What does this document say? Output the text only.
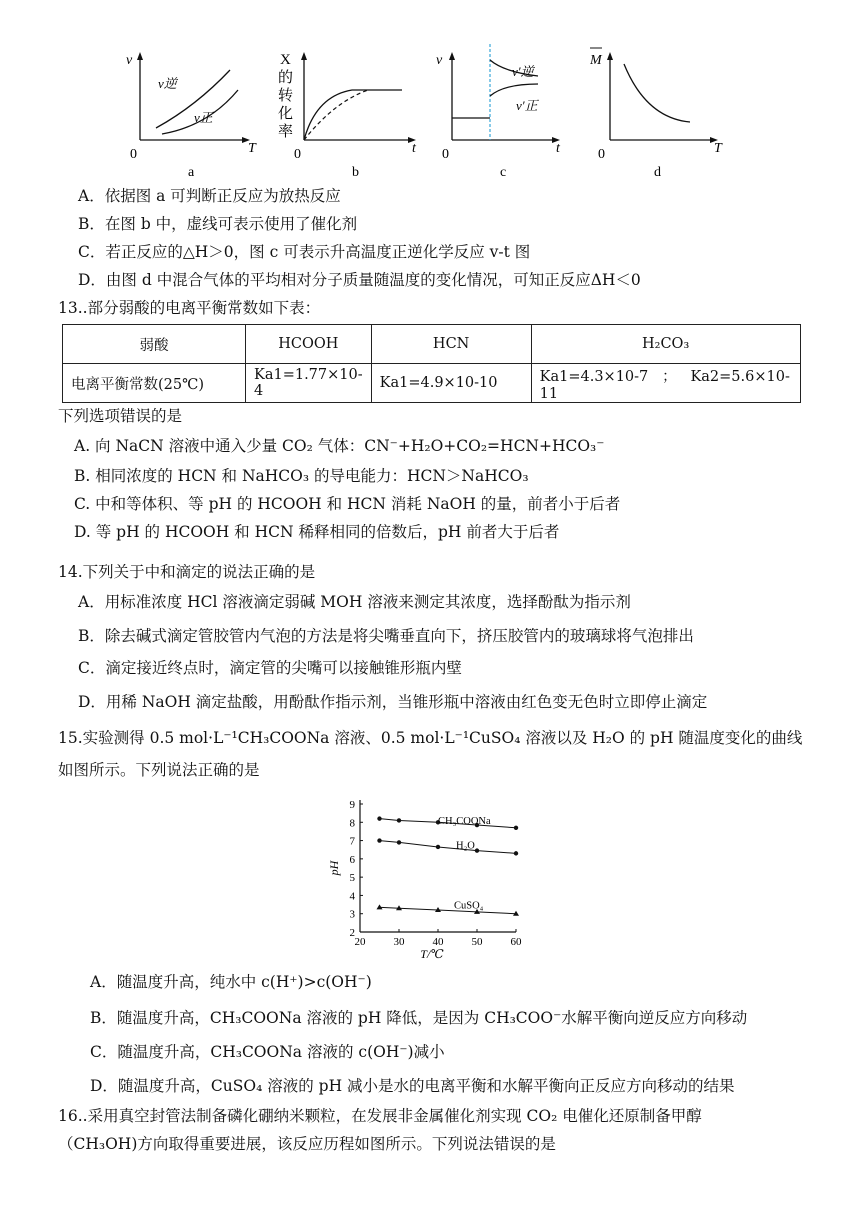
v
T
0
v逆
v正
a
X
的
转
化
率
t
0
b
v
t
0
v′逆
v′正
c
M
T
0
d
A．依据图 a 可判断正反应为放热反应
B．在图 b 中，虚线可表示使用了催化剂
C．若正反应的△H＞0，图 c 可表示升高温度正逆化学反应 v-t 图
D．由图 d 中混合气体的平均相对分子质量随温度的变化情况，可知正反应ΔH＜0
13..部分弱酸的电离平衡常数如下表：
弱酸	HCOOH	HCN	H₂CO₃
电离平衡常数(25℃)	Ka1=1.77×10-4	Ka1=4.9×10-10	Ka1=4.3×10-7 ； Ka2=5.6×10-11
下列选项错误的是
A. 向 NaCN 溶液中通入少量 CO₂ 气体：CN⁻+H₂O+CO₂=HCN+HCO₃⁻
B. 相同浓度的 HCN 和 NaHCO₃ 的导电能力：HCN＞NaHCO₃
C. 中和等体积、等 pH 的 HCOOH 和 HCN 消耗 NaOH 的量，前者小于后者
D. 等 pH 的 HCOOH 和 HCN 稀释相同的倍数后，pH 前者大于后者
14.下列关于中和滴定的说法正确的是
A．用标准浓度 HCl 溶液滴定弱碱 MOH 溶液来测定其浓度，选择酚酞为指示剂
B．除去碱式滴定管胶管内气泡的方法是将尖嘴垂直向下，挤压胶管内的玻璃球将气泡排出
C．滴定接近终点时，滴定管的尖嘴可以接触锥形瓶内壁
D．用稀 NaOH 滴定盐酸，用酚酞作指示剂，当锥形瓶中溶液由红色变无色时立即停止滴定
15.实验测得 0.5 mol·L⁻¹CH₃COONa 溶液、0.5 mol·L⁻¹CuSO₄ 溶液以及 H₂O 的 pH 随温度变化的曲线
如图所示。下列说法正确的是
20	30	40	50	60
2
3
4
5
6
7
8
9
T/℃
pH
CH₃COONa
H₂O
CuSO₄
A．随温度升高，纯水中 c(H⁺)>c(OH⁻)
B．随温度升高，CH₃COONa 溶液的 pH 降低，是因为 CH₃COO⁻水解平衡向逆反应方向移动
C．随温度升高，CH₃COONa 溶液的 c(OH⁻)减小
D．随温度升高，CuSO₄ 溶液的 pH 减小是水的电离平衡和水解平衡向正反应方向移动的结果
16..采用真空封管法制备磷化硼纳米颗粒，在发展非金属催化剂实现 CO₂ 电催化还原制备甲醇
（CH₃OH)方向取得重要进展，该反应历程如图所示。下列说法错误的是
